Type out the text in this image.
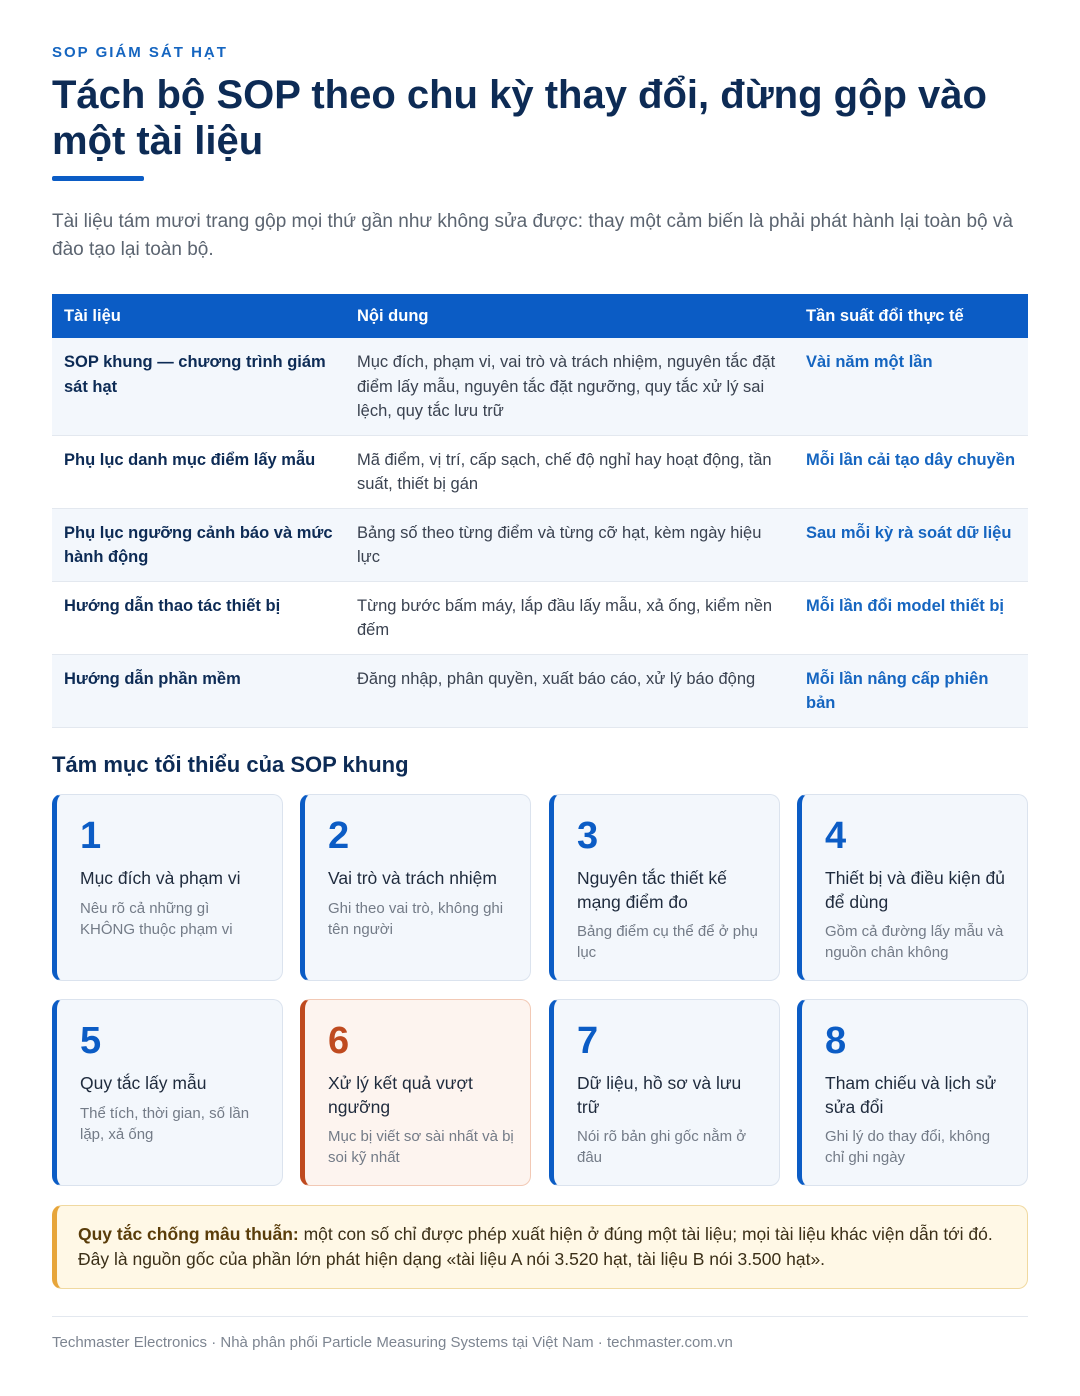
SOP GIÁM SÁT HẠT
Tách bộ SOP theo chu kỳ thay đổi, đừng gộp vào một tài liệu

Tài liệu tám mươi trang gộp mọi thứ gần như không sửa được: thay một cảm biến là phải phát hành lại toàn bộ và đào tạo lại toàn bộ.

Tài liệu	Nội dung	Tần suất đổi thực tế
SOP khung — chương trình giám sát hạt	Mục đích, phạm vi, vai trò và trách nhiệm, nguyên tắc đặt điểm lấy mẫu, nguyên tắc đặt ngưỡng, quy tắc xử lý sai lệch, quy tắc lưu trữ	Vài năm một lần
Phụ lục danh mục điểm lấy mẫu	Mã điểm, vị trí, cấp sạch, chế độ nghỉ hay hoạt động, tần suất, thiết bị gán	Mỗi lần cải tạo dây chuyền
Phụ lục ngưỡng cảnh báo và mức hành động	Bảng số theo từng điểm và từng cỡ hạt, kèm ngày hiệu lực	Sau mỗi kỳ rà soát dữ liệu
Hướng dẫn thao tác thiết bị	Từng bước bấm máy, lắp đầu lấy mẫu, xả ống, kiểm nền đếm	Mỗi lần đổi model thiết bị
Hướng dẫn phần mềm	Đăng nhập, phân quyền, xuất báo cáo, xử lý báo động	Mỗi lần nâng cấp phiên bản
Tám mục tối thiểu của SOP khung
1
Mục đích và phạm vi
Nêu rõ cả những gì KHÔNG thuộc phạm vi
2
Vai trò và trách nhiệm
Ghi theo vai trò, không ghi tên người
3
Nguyên tắc thiết kế mạng điểm đo
Bảng điểm cụ thể để ở phụ lục
4
Thiết bị và điều kiện đủ để dùng
Gồm cả đường lấy mẫu và nguồn chân không
5
Quy tắc lấy mẫu
Thể tích, thời gian, số lần lặp, xả ống
6
Xử lý kết quả vượt ngưỡng
Mục bị viết sơ sài nhất và bị soi kỹ nhất
7
Dữ liệu, hồ sơ và lưu trữ
Nói rõ bản ghi gốc nằm ở đâu
8
Tham chiếu và lịch sử sửa đổi
Ghi lý do thay đổi, không chỉ ghi ngày
Quy tắc chống mâu thuẫn: một con số chỉ được phép xuất hiện ở đúng một tài liệu; mọi tài liệu khác viện dẫn tới đó. Đây là nguồn gốc của phần lớn phát hiện dạng «tài liệu A nói 3.520 hạt, tài liệu B nói 3.500 hạt».
Techmaster Electronics · Nhà phân phối Particle Measuring Systems tại Việt Nam · techmaster.com.vn
